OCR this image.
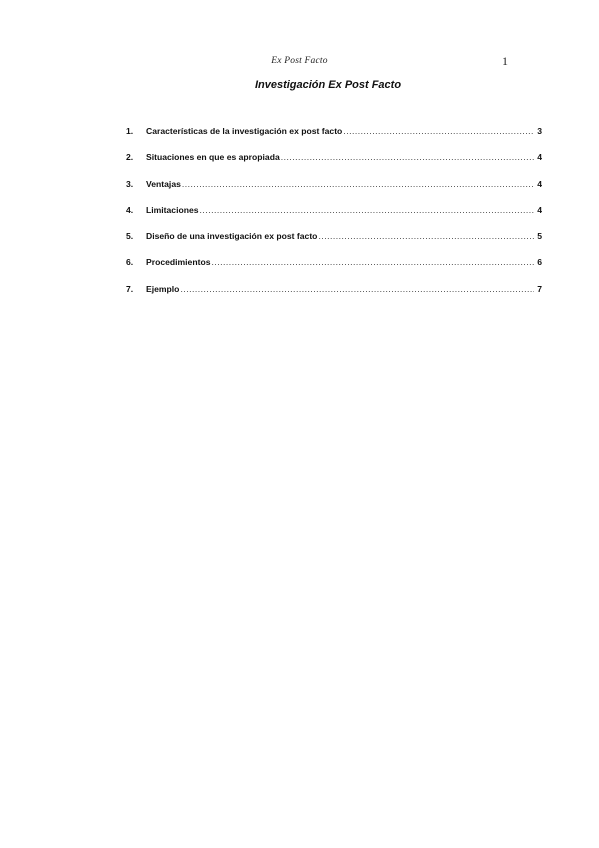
Ex Post Facto	1
Investigación Ex Post Facto
1.	Características de la investigación ex post facto .....	3
2.	Situaciones en que es apropiada .....	4
3.	Ventajas .....	4
4.	Limitaciones .....	4
5.	Diseño de una investigación ex post facto .....	5
6.	Procedimientos .....	6
7.	Ejemplo .....	7
